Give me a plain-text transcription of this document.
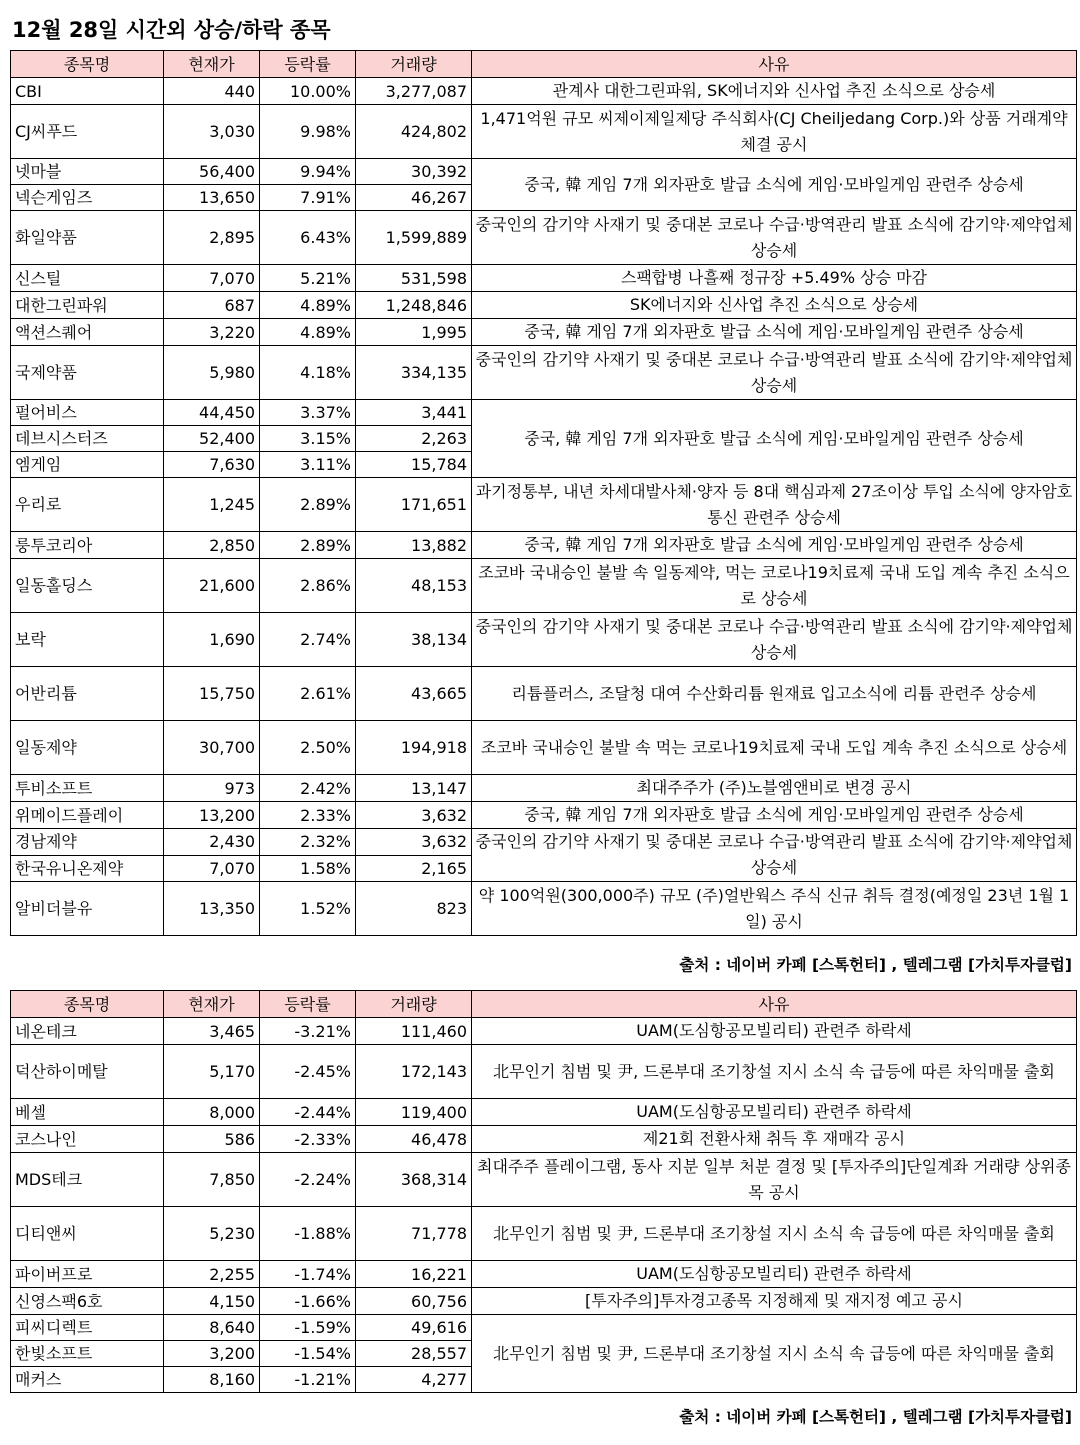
12월 28일 시간외 상승/하락 종목
종목명	현재가	등락률	거래량	사유
CBI	440	10.00%	3,277,087	관계사 대한그린파워, SK에너지와 신사업 추진 소식으로 상승세
CJ씨푸드	3,030	9.98%	424,802	1,471억원 규모 씨제이제일제당 주식회사(CJ Cheiljedang Corp.)와 상품 거래계약 체결 공시
넷마블	56,400	9.94%	30,392	중국, 韓 게임 7개 외자판호 발급 소식에 게임·모바일게임 관련주 상승세
넥슨게임즈	13,650	7.91%	46,267	
화일약품	2,895	6.43%	1,599,889	중국인의 감기약 사재기 및 중대본 코로나 수급·방역관리 발표 소식에 감기약·제약업체 상승세
신스틸	7,070	5.21%	531,598	스팩합병 나흘째 정규장 +5.49% 상승 마감
대한그린파워	687	4.89%	1,248,846	SK에너지와 신사업 추진 소식으로 상승세
액션스퀘어	3,220	4.89%	1,995	중국, 韓 게임 7개 외자판호 발급 소식에 게임·모바일게임 관련주 상승세
국제약품	5,980	4.18%	334,135	중국인의 감기약 사재기 및 중대본 코로나 수급·방역관리 발표 소식에 감기약·제약업체 상승세
펄어비스	44,450	3.37%	3,441	중국, 韓 게임 7개 외자판호 발급 소식에 게임·모바일게임 관련주 상승세
데브시스터즈	52,400	3.15%	2,263	
엠게임	7,630	3.11%	15,784	
우리로	1,245	2.89%	171,651	과기정통부, 내년 차세대발사체·양자 등 8대 핵심과제 27조이상 투입 소식에 양자암호통신 관련주 상승세
룽투코리아	2,850	2.89%	13,882	중국, 韓 게임 7개 외자판호 발급 소식에 게임·모바일게임 관련주 상승세
일동홀딩스	21,600	2.86%	48,153	조코바 국내승인 불발 속 일동제약, 먹는 코로나19치료제 국내 도입 계속 추진 소식으로 상승세
보락	1,690	2.74%	38,134	중국인의 감기약 사재기 및 중대본 코로나 수급·방역관리 발표 소식에 감기약·제약업체 상승세
어반리튬	15,750	2.61%	43,665	리튬플러스, 조달청 대여 수산화리튬 원재료 입고소식에 리튬 관련주 상승세
일동제약	30,700	2.50%	194,918	조코바 국내승인 불발 속 먹는 코로나19치료제 국내 도입 계속 추진 소식으로 상승세
투비소프트	973	2.42%	13,147	최대주주가 (주)노블엠앤비로 변경 공시
위메이드플레이	13,200	2.33%	3,632	중국, 韓 게임 7개 외자판호 발급 소식에 게임·모바일게임 관련주 상승세
경남제약	2,430	2.32%	3,632	중국인의 감기약 사재기 및 중대본 코로나 수급·방역관리 발표 소식에 감기약·제약업체 상승세
한국유니온제약	7,070	1.58%	2,165	
알비더블유	13,350	1.52%	823	약 100억원(300,000주) 규모 (주)얼반웍스 주식 신규 취득 결정(예정일 23년 1월 1일) 공시
출처 : 네이버 카페 [스톡헌터] , 텔레그램 [가치투자클럽]
종목명	현재가	등락률	거래량	사유
네온테크	3,465	-3.21%	111,460	UAM(도심항공모빌리티) 관련주 하락세
덕산하이메탈	5,170	-2.45%	172,143	北무인기 침범 및 尹, 드론부대 조기창설 지시 소식 속 급등에 따른 차익매물 출회
베셀	8,000	-2.44%	119,400	UAM(도심항공모빌리티) 관련주 하락세
코스나인	586	-2.33%	46,478	제21회 전환사채 취득 후 재매각 공시
MDS테크	7,850	-2.24%	368,314	최대주주 플레이그램, 동사 지분 일부 처분 결정 및 [투자주의]단일계좌 거래량 상위종목 공시
디티앤씨	5,230	-1.88%	71,778	北무인기 침범 및 尹, 드론부대 조기창설 지시 소식 속 급등에 따른 차익매물 출회
파이버프로	2,255	-1.74%	16,221	UAM(도심항공모빌리티) 관련주 하락세
신영스팩6호	4,150	-1.66%	60,756	[투자주의]투자경고종목 지정해제 및 재지정 예고 공시
피씨디렉트	8,640	-1.59%	49,616	北무인기 침범 및 尹, 드론부대 조기창설 지시 소식 속 급등에 따른 차익매물 출회
한빛소프트	3,200	-1.54%	28,557	
매커스	8,160	-1.21%	4,277	
출처 : 네이버 카페 [스톡헌터] , 텔레그램 [가치투자클럽]
